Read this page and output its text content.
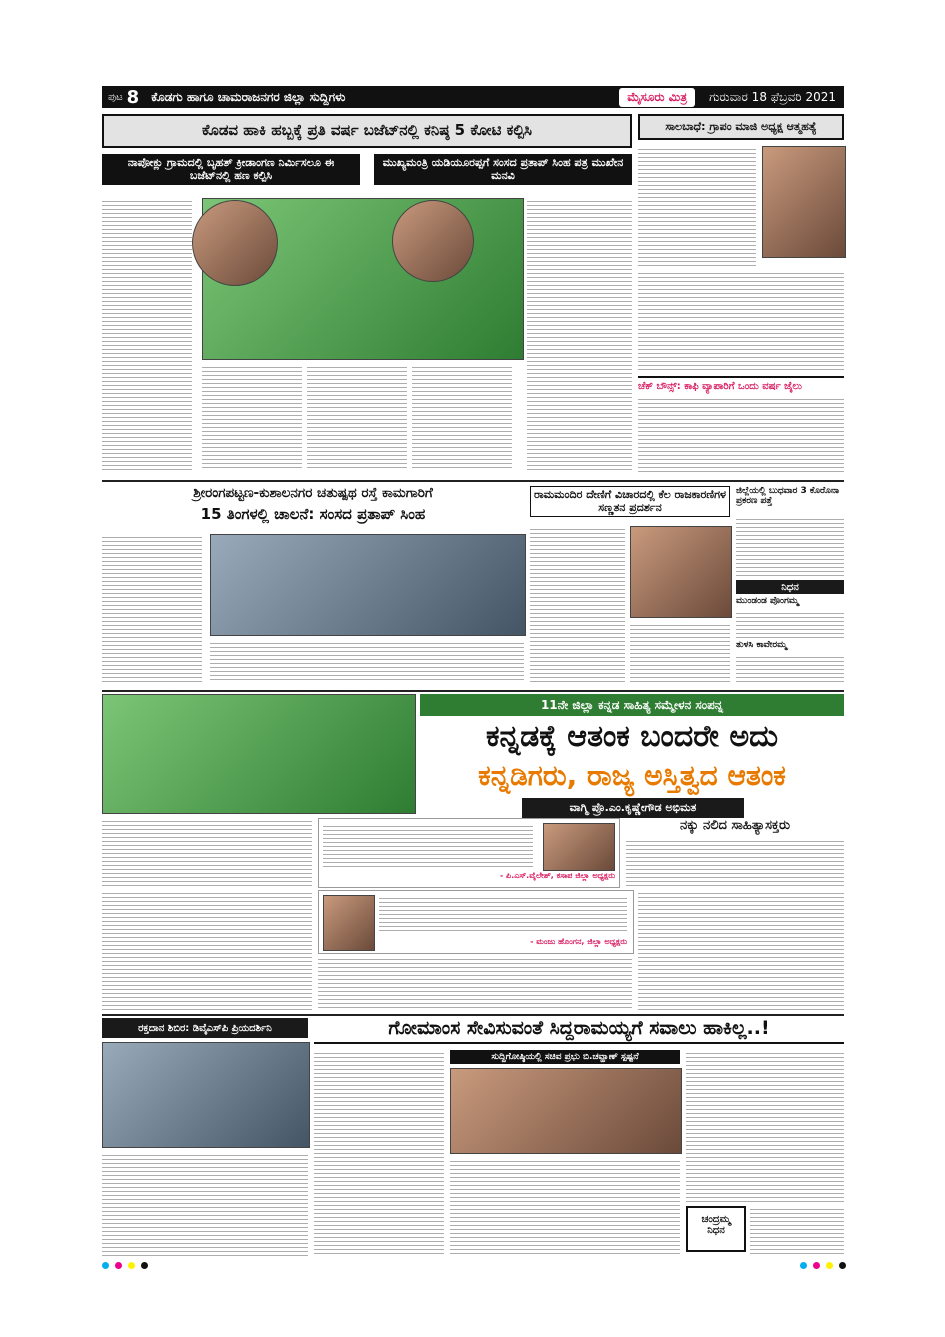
ಪುಟ 8 ಕೊಡಗು ಹಾಗೂ ಚಾಮರಾಜನಗರ ಜಿಲ್ಲಾ ಸುದ್ದಿಗಳು	ಮೈಸೂರು ಮಿತ್ರ	ಗುರುವಾರ 18 ಫೆಬ್ರವರಿ 2021
ಕೊಡವ ಹಾಕಿ ಹಬ್ಬಕ್ಕೆ ಪ್ರತಿ ವರ್ಷ ಬಜೆಟ್‌ನಲ್ಲಿ ಕನಿಷ್ಠ 5 ಕೋಟಿ ಕಲ್ಪಿಸಿ
ನಾಪೋಕ್ಲು ಗ್ರಾಮದಲ್ಲಿ ಬೃಹತ್ ಕ್ರೀಡಾಂಗಣ ನಿರ್ಮಿಸಲೂ ಈ ಬಜೆಟ್‌ನಲ್ಲಿ ಹಣ ಕಲ್ಪಿಸಿ
ಮುಖ್ಯಮಂತ್ರಿ ಯಡಿಯೂರಪ್ಪಗೆ ಸಂಸದ ಪ್ರತಾಪ್ ಸಿಂಹ ಪತ್ರ ಮುಖೇನ ಮನವಿ
ಸಾಲಬಾಧೆ: ಗ್ರಾಪಂ ಮಾಜಿ ಅಧ್ಯಕ್ಷ ಆತ್ಮಹತ್ಯೆ
ಚೆಕ್ ಬೌನ್ಸ್: ಕಾಫಿ ವ್ಯಾಪಾರಿಗೆ ಒಂದು ವರ್ಷ ಜೈಲು
ಶ್ರೀರಂಗಪಟ್ಟಣ-ಕುಶಾಲನಗರ ಚತುಷ್ಪಥ ರಸ್ತೆ ಕಾಮಗಾರಿಗೆ
15 ತಿಂಗಳಲ್ಲಿ ಚಾಲನೆ: ಸಂಸದ ಪ್ರತಾಪ್ ಸಿಂಹ
ರಾಮಮಂದಿರ ದೇಣಿಗೆ ವಿಚಾರದಲ್ಲಿ ಕೆಲ ರಾಜಕಾರಣಿಗಳ ಸಣ್ಣತನ ಪ್ರದರ್ಶನ
ಜಿಲ್ಲೆಯಲ್ಲಿ ಬುಧವಾರ 3 ಕೊರೊನಾ ಪ್ರಕರಣ ಪತ್ತೆ
ನಿಧನ
ಮುಂಡಂಡ ಪೊಂಗಮ್ಮ
ತುಳಸಿ ಕಾವೇರಮ್ಮ
11ನೇ ಜಿಲ್ಲಾ ಕನ್ನಡ ಸಾಹಿತ್ಯ ಸಮ್ಮೇಳನ ಸಂಪನ್ನ
ಕನ್ನಡಕ್ಕೆ ಆತಂಕ ಬಂದರೇ ಅದು
ಕನ್ನಡಿಗರು, ರಾಜ್ಯ ಅಸ್ತಿತ್ವದ ಆತಂಕ
ವಾಗ್ಮಿ ಪ್ರೊ.ಎಂ.ಕೃಷ್ಣೇಗೌಡ ಅಭಿಮತ
- ಪಿ.ಎಸ್.ವೈಲೇಶ್, ಕಸಾಪ ಜಿಲ್ಲಾ ಅಧ್ಯಕ್ಷರು
ನಕ್ಕು ನಲಿದ ಸಾಹಿತ್ಯಾಸಕ್ತರು
- ಮಂಜು ಹೊಂಗನ, ಜಿಲ್ಲಾ ಅಧ್ಯಕ್ಷರು
ರಕ್ತದಾನ ಶಿಬಿರ: ಡಿವೈಎಸ್‌ಪಿ ಪ್ರಿಯದರ್ಶಿನಿ	ಗೋಮಾಂಸ ಸೇವಿಸುವಂತೆ ಸಿದ್ದರಾಮಯ್ಯಗೆ ಸವಾಲು ಹಾಕಿಲ್ಲ..!
ಸುದ್ದಿಗೋಷ್ಠಿಯಲ್ಲಿ ಸಚಿವ ಪ್ರಭು ಬಿ.ಚವ್ಹಾಣ್ ಸ್ಪಷ್ಟನೆ
ಚಂದ್ರಮ್ಮ
ನಿಧನ
